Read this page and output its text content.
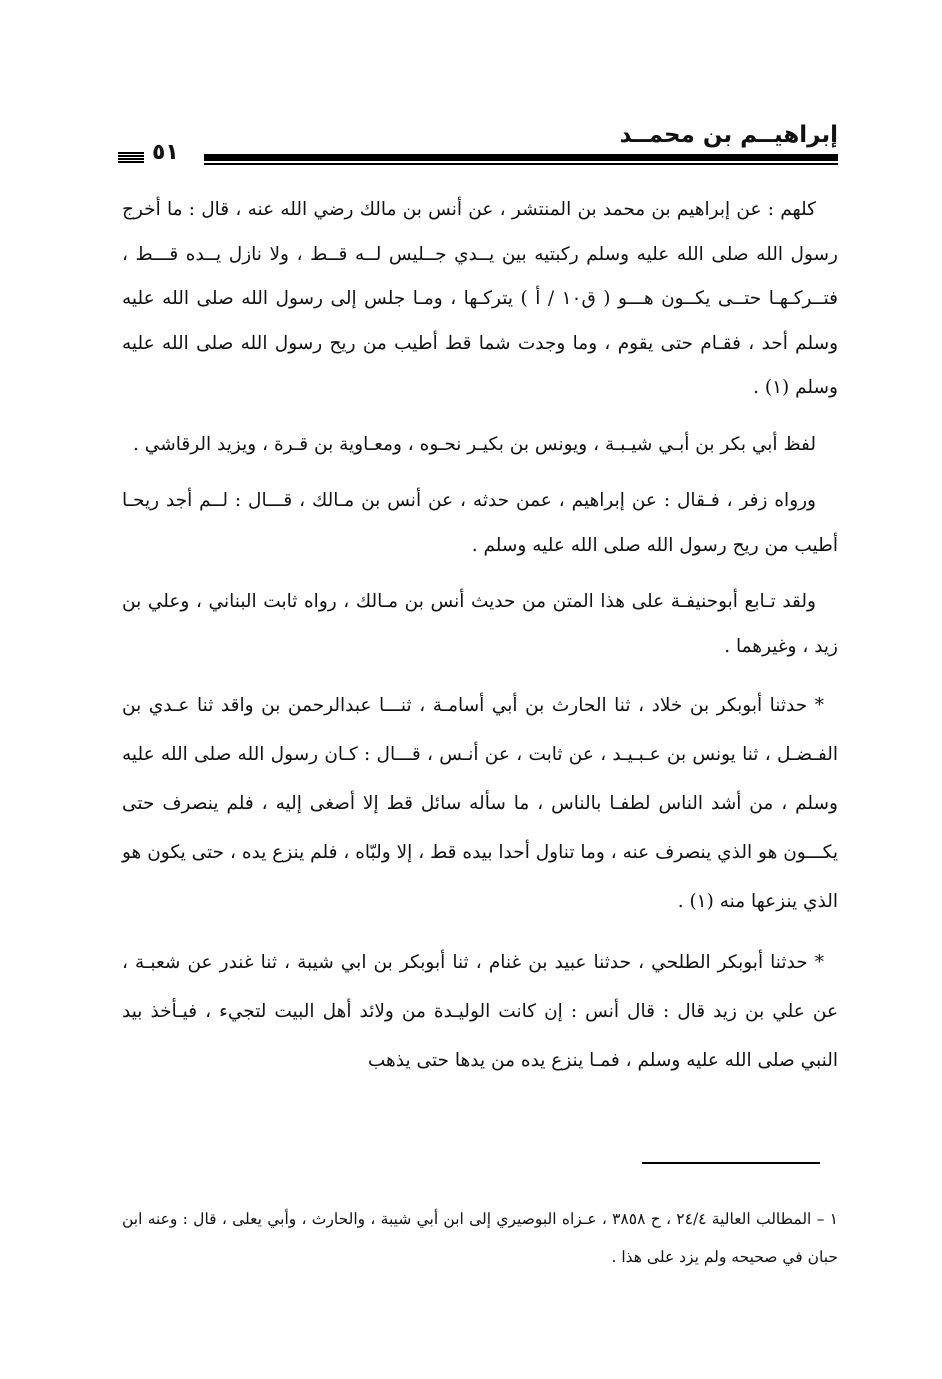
إبراهيــم بن محمــد
٥١

كلهم : عن إبراهيم بن محمد بن المنتشر ، عن أنس بن مالك رضي الله عنه ، قال : ما أخرج رسول الله صلى الله عليه وسلم ركبتيه بين يــدي جــليس لــه قــط ، ولا نازل يــده قـــط ، فتــركـهـا حتــى يكــون هـــو ( ق١٠ / أ ) يتركـها ، ومـا جلس إلى رسول الله صلى الله عليه وسلم أحد ، فقـام حتى يقوم ، وما وجدت شما قط أطيب من ريح رسول الله صلى الله عليه وسلم (١) .

لفظ أبي بكر بن أبـي شيـبـة ، ويونس بن بكيـر نحـوه ، ومعـاوية بن قـرة ، ويزيد الرقاشي .

ورواه زفر ، فـقال : عن إبراهيم ، عمن حدثه ، عن أنس بن مـالك ، قـــال : لــم أجد ريحـا أطيب من ريح رسول الله صلى الله عليه وسلم .

ولقد تـابع أبوحنيفـة على هذا المتن من حديث أنس بن مـالك ، رواه ثابت البناني ، وعلي بن زيد ، وغيرهما .

* حدثنا أبوبكر بن خلاد ، ثنا الحارث بن أبي أسامـة ، ثنـــا عبدالرحمن بن واقد ثنا عـدي بن الفـضـل ، ثنا يونس بن عـبـيـد ، عن ثابت ، عن أنـس ، قـــال : كـان رسول الله صلى الله عليه وسلم ، من أشد الناس لطفـا بالناس ، ما سأله سائل قط إلا أصغى إليه ، فلم ينصرف حتى يكـــون هو الذي ينصرف عنه ، وما تناول أحدا بيده قط ، إلا ولبّاه ، فلم ينزع يده ، حتى يكون هو الذي ينزعها منه (١) .

* حدثنا أبوبكر الطلحي ، حدثنا عبيد بن غنام ، ثنا أبوبكر بن ابي شيبة ، ثنا غندر عن شعبـة ، عن علي بن زيد قال : قال أنس : إن كانت الوليـدة من ولائد أهل البيت لتجيء ، فيـأخذ بيد النبي صلى الله عليه وسلم ، فمـا ينزع يده من يدها حتى يذهب

١ – المطالب العالية ٢٤/٤ ، ح ٣٨٥٨ ، عـزاه البوصيري إلى ابن أبي شيبة ، والحارث ، وأبي يعلى ، قال : وعنه ابن حبان في صحيحه ولم يزد على هذا .
